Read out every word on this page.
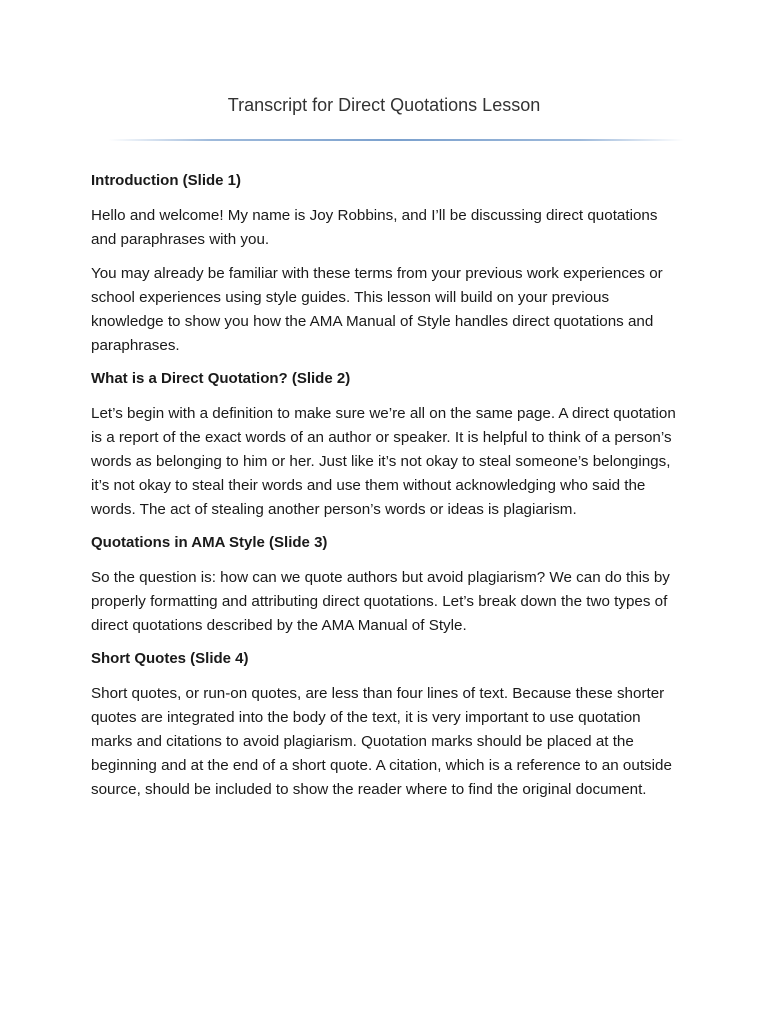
Transcript for Direct Quotations Lesson

Introduction (Slide 1)

Hello and welcome! My name is Joy Robbins, and I’ll be discussing direct quotations and paraphrases with you.

You may already be familiar with these terms from your previous work experiences or school experiences using style guides. This lesson will build on your previous knowledge to show you how the AMA Manual of Style handles direct quotations and paraphrases.

What is a Direct Quotation? (Slide 2)

Let’s begin with a definition to make sure we’re all on the same page. A direct quotation is a report of the exact words of an author or speaker. It is helpful to think of a person’s words as belonging to him or her. Just like it’s not okay to steal someone’s belongings, it’s not okay to steal their words and use them without acknowledging who said the words. The act of stealing another person’s words or ideas is plagiarism.

Quotations in AMA Style (Slide 3)

So the question is: how can we quote authors but avoid plagiarism? We can do this by properly formatting and attributing direct quotations. Let’s break down the two types of direct quotations described by the AMA Manual of Style.

Short Quotes (Slide 4)

Short quotes, or run-on quotes, are less than four lines of text. Because these shorter quotes are integrated into the body of the text, it is very important to use quotation marks and citations to avoid plagiarism. Quotation marks should be placed at the beginning and at the end of a short quote. A citation, which is a reference to an outside source, should be included to show the reader where to find the original document.
